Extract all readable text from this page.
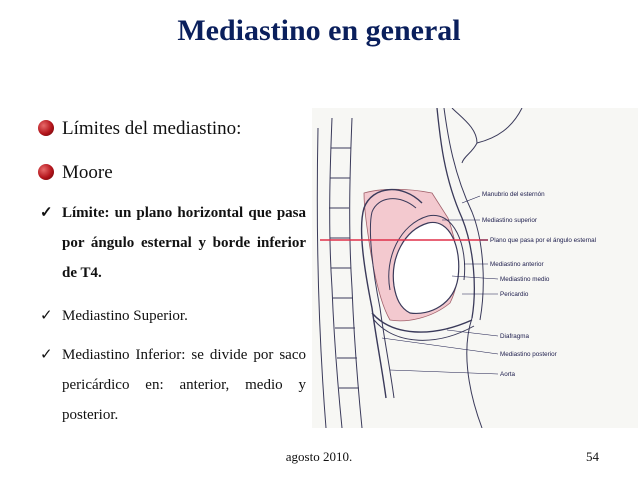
Mediastino en general
Límites del mediastino:
Moore
✓ Límite: un plano horizontal que pasa por ángulo esternal y borde inferior de T4.
✓ Mediastino Superior.
✓ Mediastino Inferior: se divide por saco pericárdico en: anterior, medio y posterior.
Manubrio del esternón
Mediastino superior
Plano que pasa por el ángulo esternal
Mediastino anterior
Mediastino medio
Pericardio
Diafragma
Mediastino posterior
Aorta
agosto 2010.	54
